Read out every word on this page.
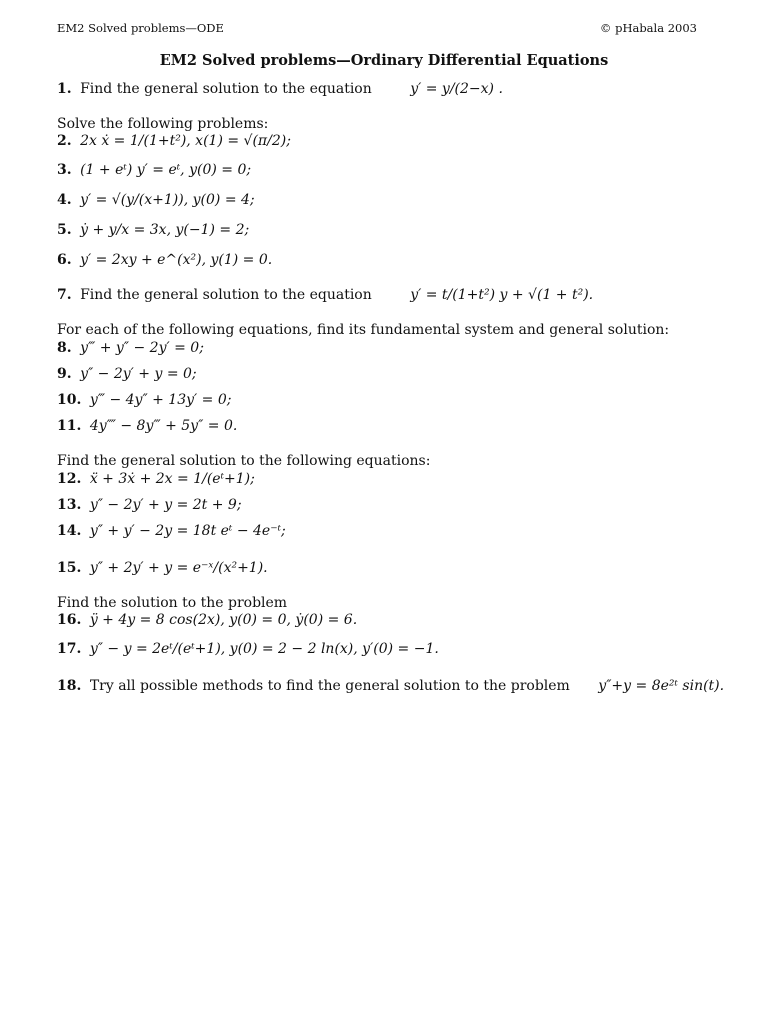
EM2 Solved problems—ODE	© pHabala 2003
EM2 Solved problems—Ordinary Differential Equations
1. Find the general solution to the equation	y′ = y/(2−x) .
Solve the following problems:
2. 2x ẋ = 1/(1+t²), x(1) = √(π/2);
3. (1 + eᵗ) y′ = eᵗ, y(0) = 0;
4. y′ = √(y/(x+1)), y(0) = 4;
5. ẏ + y/x = 3x, y(−1) = 2;
6. y′ = 2xy + e^(x²), y(1) = 0.
7. Find the general solution to the equation	y′ = t/(1+t²) y + √(1 + t²).
For each of the following equations, find its fundamental system and general solution:
8. y‴ + y″ − 2y′ = 0;
9. y″ − 2y′ + y = 0;
10. y‴ − 4y″ + 13y′ = 0;
11. 4y⁗ − 8y‴ + 5y″ = 0.
Find the general solution to the following equations:
12. ẍ + 3ẋ + 2x = 1/(eᵗ+1);
13. y″ − 2y′ + y = 2t + 9;
14. y″ + y′ − 2y = 18t eᵗ − 4e⁻ᵗ;
15. y″ + 2y′ + y = e⁻ˣ/(x²+1).
Find the solution to the problem
16. ÿ + 4y = 8 cos(2x), y(0) = 0, ẏ(0) = 6.
17. y″ − y = 2eᵗ/(eᵗ+1), y(0) = 2 − 2 ln(x), y′(0) = −1.
18. Try all possible methods to find the general solution to the problem y″+y = 8e²ᵗ sin(t).
